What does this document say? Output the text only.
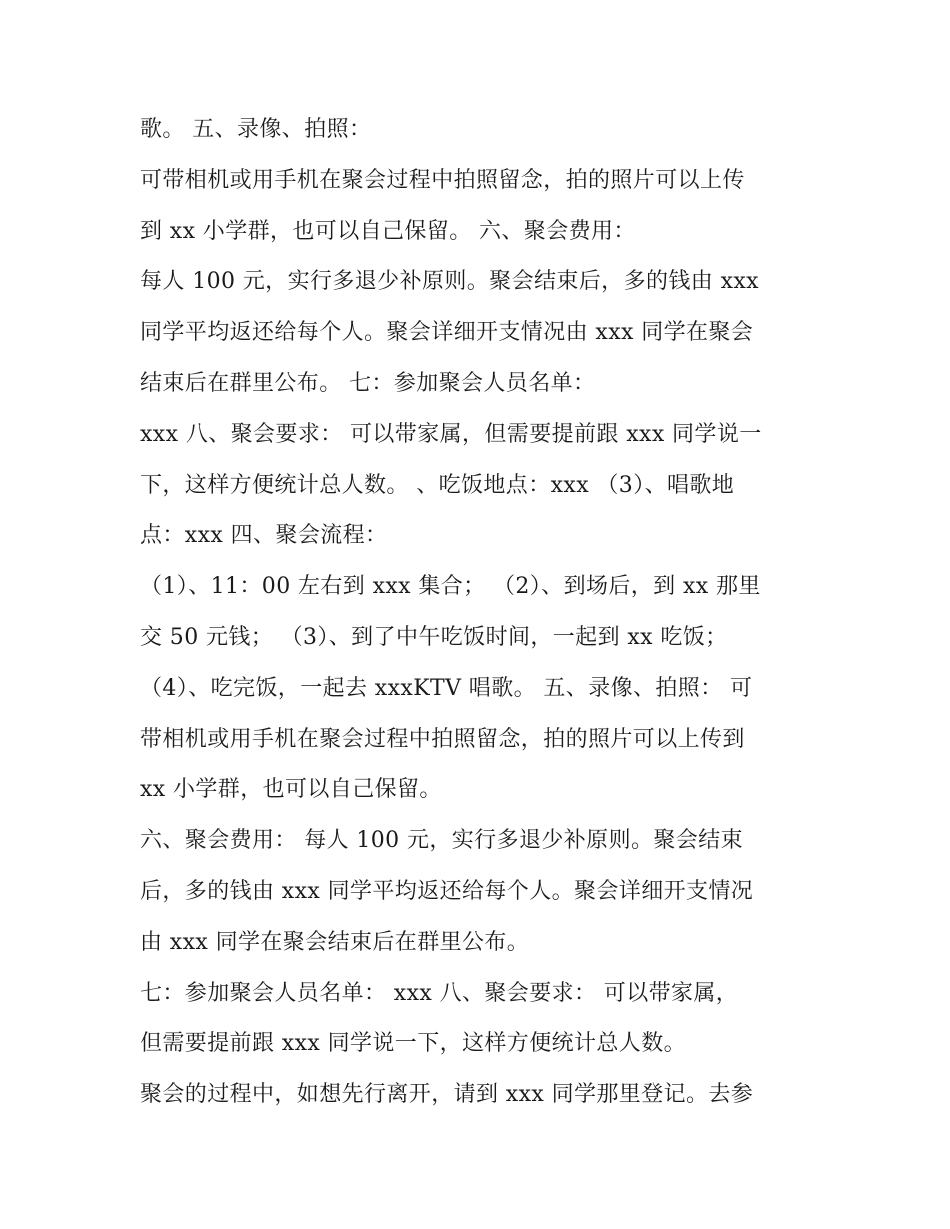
歌。 五、录像、拍照：
可带相机或用手机在聚会过程中拍照留念，拍的照片可以上传
到 xx 小学群，也可以自己保留。 六、聚会费用：
每人 100 元，实行多退少补原则。聚会结束后，多的钱由 xxx
同学平均返还给每个人。聚会详细开支情况由 xxx 同学在聚会
结束后在群里公布。 七：参加聚会人员名单：
xxx 八、聚会要求： 可以带家属，但需要提前跟 xxx 同学说一
下，这样方便统计总人数。 、吃饭地点：xxx （3）、唱歌地
点：xxx 四、聚会流程：
（1）、11：00 左右到 xxx 集合； （2）、到场后，到 xx 那里
交 50 元钱； （3）、到了中午吃饭时间，一起到 xx 吃饭；
（4）、吃完饭，一起去 xxxKTV 唱歌。 五、录像、拍照： 可
带相机或用手机在聚会过程中拍照留念，拍的照片可以上传到
xx 小学群，也可以自己保留。
六、聚会费用： 每人 100 元，实行多退少补原则。聚会结束
后，多的钱由 xxx 同学平均返还给每个人。聚会详细开支情况
由 xxx 同学在聚会结束后在群里公布。
七：参加聚会人员名单： xxx 八、聚会要求： 可以带家属，
但需要提前跟 xxx 同学说一下，这样方便统计总人数。
聚会的过程中，如想先行离开，请到 xxx 同学那里登记。去参
